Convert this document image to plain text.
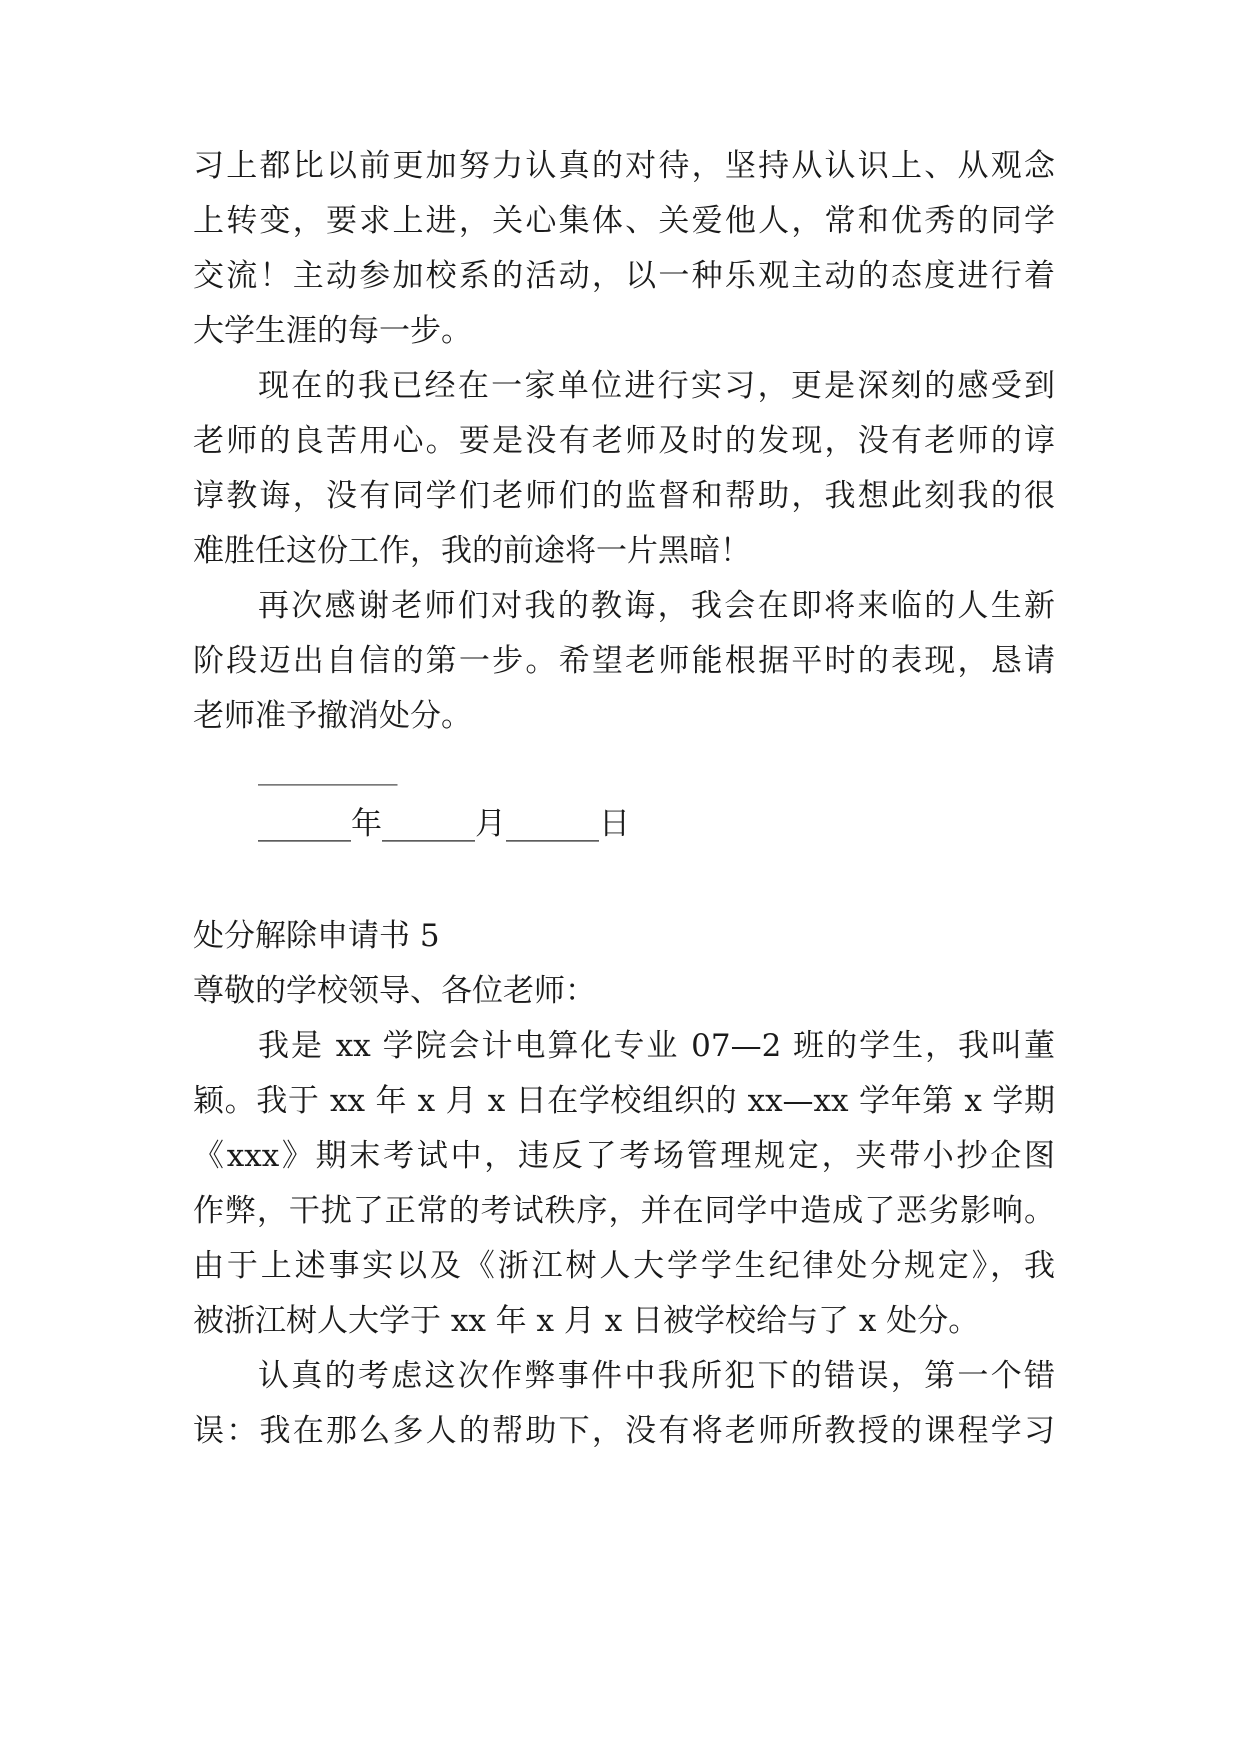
习上都比以前更加努力认真的对待，坚持从认识上、从观念
上转变，要求上进，关心集体、关爱他人，常和优秀的同学
交流！主动参加校系的活动，以一种乐观主动的态度进行着
大学生涯的每一步。
现在的我已经在一家单位进行实习，更是深刻的感受到
老师的良苦用心。要是没有老师及时的发现，没有老师的谆
谆教诲，没有同学们老师们的监督和帮助，我想此刻我的很
难胜任这份工作，我的前途将一片黑暗！
再次感谢老师们对我的教诲，我会在即将来临的人生新
阶段迈出自信的第一步。希望老师能根据平时的表现，恳请
老师准予撤消处分。
_________
______年______月______日
处分解除申请书 5
尊敬的学校领导、各位老师：
我是 xx 学院会计电算化专业 07—2 班的学生，我叫董
颖。我于 xx 年 x 月 x 日在学校组织的 xx—xx 学年第 x 学期
《xxx》期末考试中，违反了考场管理规定，夹带小抄企图
作弊，干扰了正常的考试秩序，并在同学中造成了恶劣影响。
由于上述事实以及《浙江树人大学学生纪律处分规定》，我
被浙江树人大学于 xx 年 x 月 x 日被学校给与了 x 处分。
认真的考虑这次作弊事件中我所犯下的错误，第一个错
误：我在那么多人的帮助下，没有将老师所教授的课程学习
